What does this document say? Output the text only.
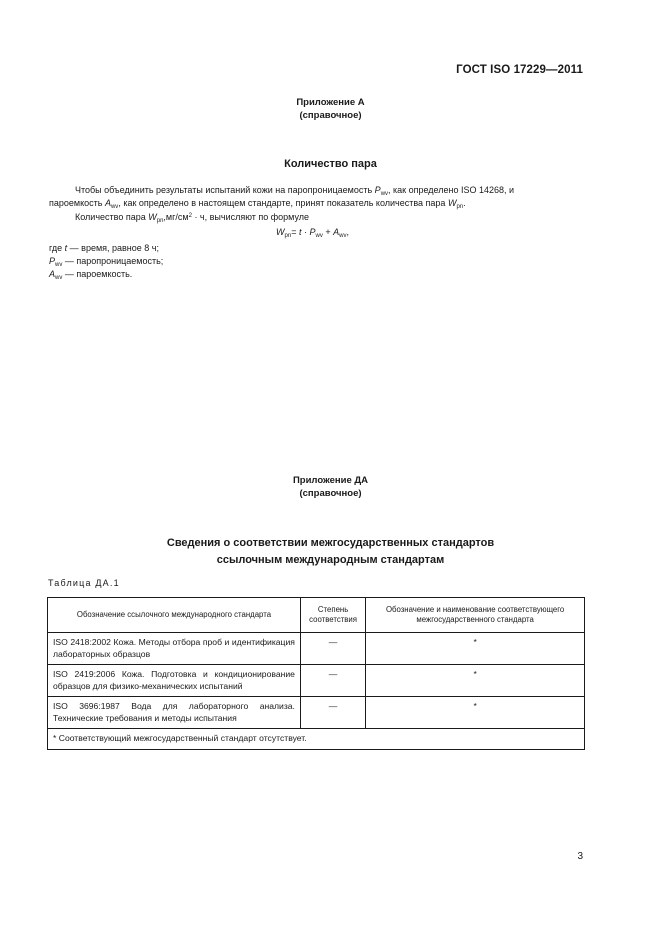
ГОСТ ISO 17229—2011
Приложение А
(справочное)
Количество пара
Чтобы объединить результаты испытаний кожи на паропроницаемость $P_{wv}$, как определено ISO 14268, и
пароемкость $A_{wv}$, как определено в настоящем стандарте, принят показатель количества пара $W_{pn}$.
Количество пара $W_{pn},мг/см^2 \cdot ч$, вычисляют по формуле
$W_{pn}= t \cdot P_{wv} + A_{wv}$,
где t — время, равное 8 ч;
$P_{wv}$ — паропроницаемость;
$A_{wv}$ — пароемкость.
Приложение ДА
(справочное)
Сведения о соответствии межгосударственных стандартов
ссылочным международным стандартам
Таблица ДА.1
Обозначение ссылочного международного стандарта	Степень соответствия	Обозначение и наименование соответствующего межгосударственного стандарта
ISO 2418:2002 Кожа. Методы отбора проб и идентификация лабораторных образцов	—	*
ISO 2419:2006 Кожа. Подготовка и кондиционирование образцов для физико-механических испытаний	—	*
ISO 3696:1987 Вода для лабораторного анализа. Технические требования и методы испытания	—	*
* Соответствующий межгосударственный стандарт отсутствует.		
3
